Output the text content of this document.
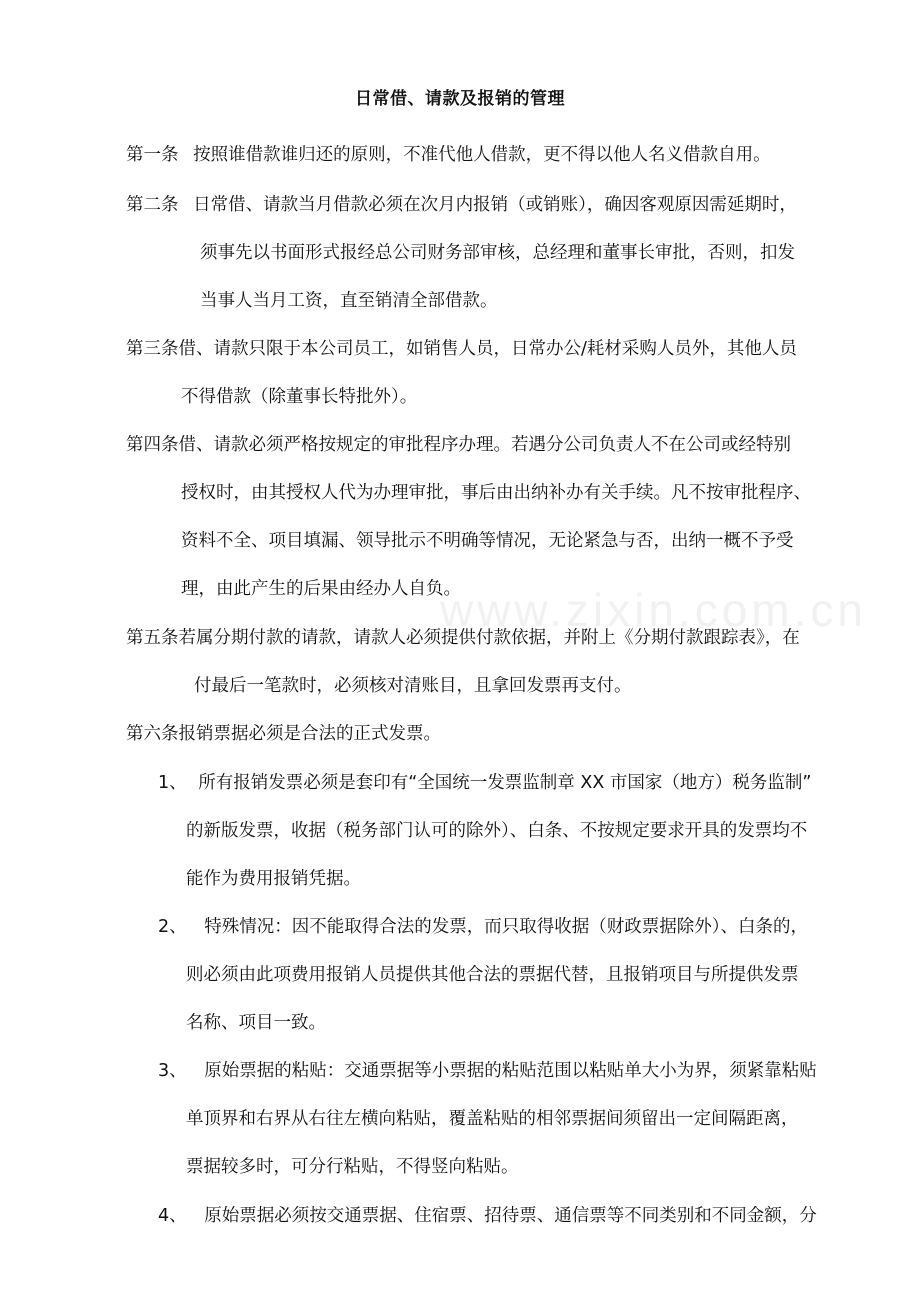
www.zixin.com.cn
日常借、请款及报销的管理
第一条 按照谁借款谁归还的原则，不准代他人借款，更不得以他人名义借款自用。
第二条 日常借、请款当月借款必须在次月内报销（或销账），确因客观原因需延期时，
须事先以书面形式报经总公司财务部审核，总经理和董事长审批，否则，扣发
当事人当月工资，直至销清全部借款。
第三条借、请款只限于本公司员工，如销售人员，日常办公/耗材采购人员外，其他人员
不得借款（除董事长特批外）。
第四条借、请款必须严格按规定的审批程序办理。若遇分公司负责人不在公司或经特别
授权时，由其授权人代为办理审批，事后由出纳补办有关手续。凡不按审批程序、
资料不全、项目填漏、领导批示不明确等情况，无论紧急与否，出纳一概不予受
理，由此产生的后果由经办人自负。
第五条若属分期付款的请款，请款人必须提供付款依据，并附上《分期付款跟踪表》，在
付最后一笔款时，必须核对清账目，且拿回发票再支付。
第六条报销票据必须是合法的正式发票。
1、 所有报销发票必须是套印有“全国统一发票监制章 XX 市国家（地方）税务监制”
的新版发票，收据（税务部门认可的除外）、白条、不按规定要求开具的发票均不
能作为费用报销凭据。
2、 特殊情况：因不能取得合法的发票，而只取得收据（财政票据除外）、白条的，
则必须由此项费用报销人员提供其他合法的票据代替，且报销项目与所提供发票
名称、项目一致。
3、 原始票据的粘贴：交通票据等小票据的粘贴范围以粘贴单大小为界，须紧靠粘贴
单顶界和右界从右往左横向粘贴，覆盖粘贴的相邻票据间须留出一定间隔距离，
票据较多时，可分行粘贴，不得竖向粘贴。
4、 原始票据必须按交通票据、住宿票、招待票、通信票等不同类别和不同金额，分
